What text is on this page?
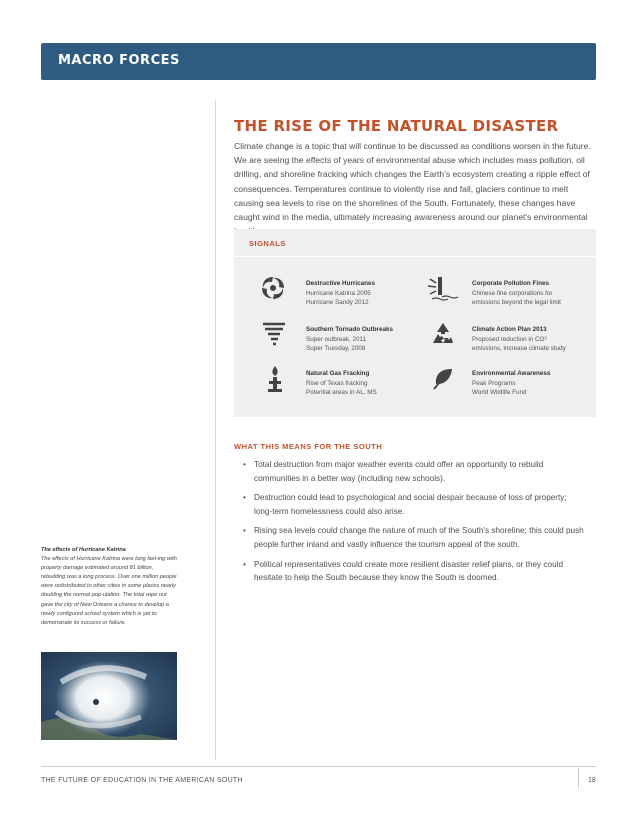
MACRO FORCES
THE RISE OF THE NATURAL DISASTER

Climate change is a topic that will continue to be discussed as conditions worsen in the future. We are seeing the effects of years of environmental abuse which includes mass pollution, oil drilling, and shoreline fracking which changes the Earth's ecosystem creating a ripple effect of consequences. Temperatures continue to violently rise and fall, glaciers continue to melt causing sea levels to rise on the shorelines of the South. Fortunately, these changes have caught wind in the media, ultimately increasing awareness around our planet's environmental

SIGNALS
Destructive Hurricanes
Hurricane Katrina 2005
Hurricane Sandy 2012
Corporate Pollution Fines
Chinese fine corporations for
emissions beyond the legal limit
Southern Tornado Outbreaks
Super outbreak, 2011
Super Tuesday, 2008
Climate Action Plan 2013
Proposed reduction in CO²
emissions, increase climate study
Natural Gas Fracking
Rise of Texas fracking
Potential areas in AL, MS
Environmental Awareness
Peak Programs
World Wildlife Fund
WHAT THIS MEANS FOR THE SOUTH
• Total destruction from major weather events could offer an opportunity to rebuild communities in a better way (including new schools).
• Destruction could lead to psychological and social despair because of loss of property; long-term homelessness could also arise.
• Rising sea levels could change the nature of much of the South's shoreline; this could push people further inland and vastly influence the tourism appeal of the south.
• Political representatives could create more resilient disaster relief plans, or they could hesitate to help the South because they know the South is doomed.
The effects of Hurricane Katrina
The effects of Hurricane Katrina were long last-ing with property damage estimated around 81 billion, rebuilding was a long process. Over one million people were redistributed to other cities in some places nearly doubling the normal pop-ulation. The total wipe out gave the city of New Orleans a chance to develop a newly configured school system which is yet to demonstrate its success or failure.
THE FUTURE OF EDUCATION IN THE AMERICAN SOUTH	18
